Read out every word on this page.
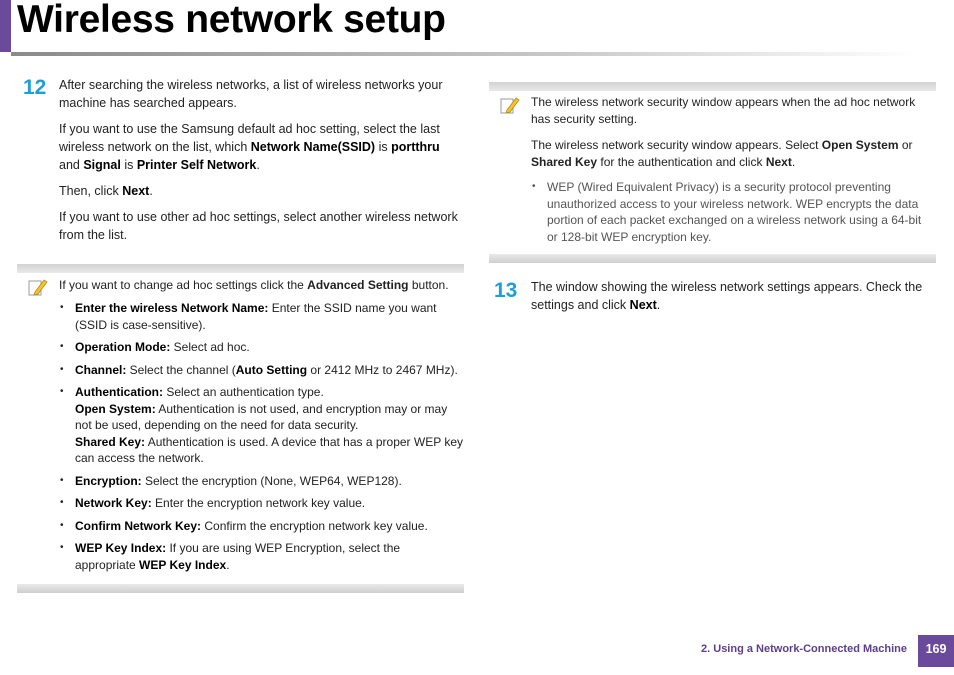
Wireless network setup
12 After searching the wireless networks, a list of wireless networks your machine has searched appears.

If you want to use the Samsung default ad hoc setting, select the last wireless network on the list, which Network Name(SSID) is portthru and Signal is Printer Self Network.

Then, click Next.

If you want to use other ad hoc settings, select another wireless network from the list.

If you want to change ad hoc settings click the Advanced Setting button.

• Enter the wireless Network Name: Enter the SSID name you want (SSID is case-sensitive).
• Operation Mode: Select ad hoc.
• Channel: Select the channel (Auto Setting or 2412 MHz to 2467 MHz).
• Authentication: Select an authentication type.
Open System: Authentication is not used, and encryption may or may not be used, depending on the need for data security.
Shared Key: Authentication is used. A device that has a proper WEP key can access the network.
• Encryption: Select the encryption (None, WEP64, WEP128).
• Network Key: Enter the encryption network key value.
• Confirm Network Key: Confirm the encryption network key value.
• WEP Key Index: If you are using WEP Encryption, select the appropriate WEP Key Index.

The wireless network security window appears when the ad hoc network has security setting.

The wireless network security window appears. Select Open System or Shared Key for the authentication and click Next.

• WEP (Wired Equivalent Privacy) is a security protocol preventing unauthorized access to your wireless network. WEP encrypts the data portion of each packet exchanged on a wireless network using a 64-bit or 128-bit WEP encryption key.
13 The window showing the wireless network settings appears. Check the settings and click Next.

2. Using a Network-Connected Machine	169
